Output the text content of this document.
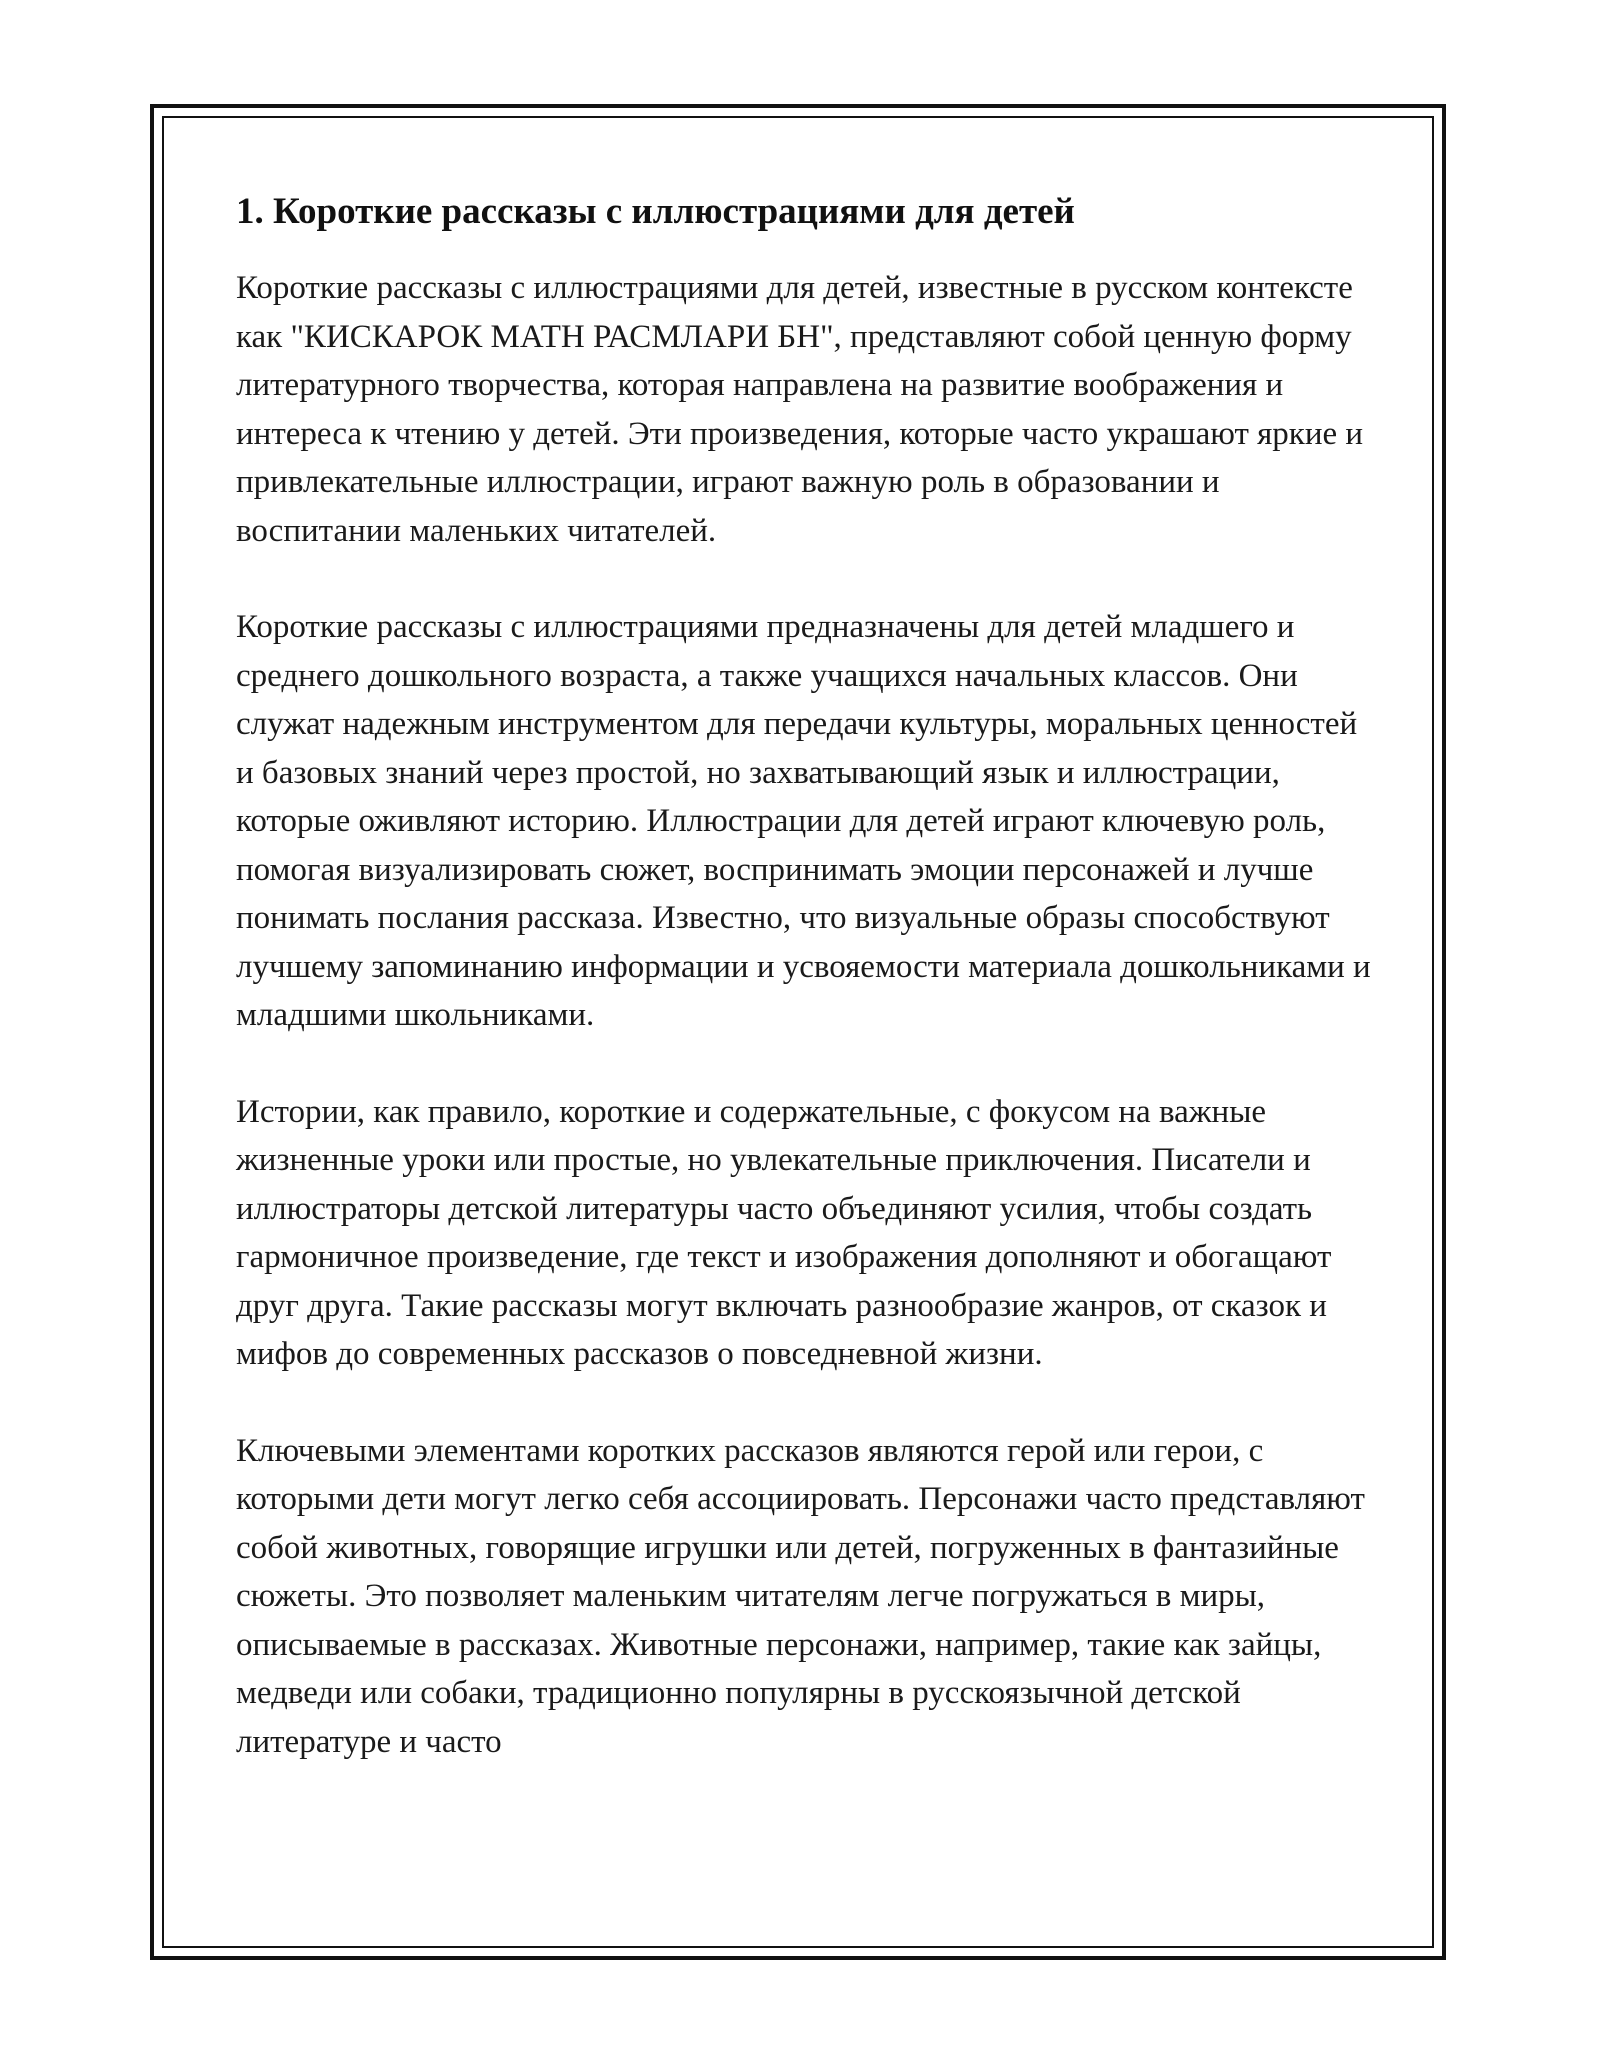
1. Короткие рассказы с иллюстрациями для детей

Короткие рассказы с иллюстрациями для детей, известные в русском контексте как "КИСКАРОК МАТН РАСМЛАРИ БН", представляют собой ценную форму литературного творчества, которая направлена на развитие воображения и интереса к чтению у детей. Эти произведения, которые часто украшают яркие и привлекательные иллюстрации, играют важную роль в образовании и воспитании маленьких читателей.

Короткие рассказы с иллюстрациями предназначены для детей младшего и среднего дошкольного возраста, а также учащихся начальных классов. Они служат надежным инструментом для передачи культуры, моральных ценностей и базовых знаний через простой, но захватывающий язык и иллюстрации, которые оживляют историю. Иллюстрации для детей играют ключевую роль, помогая визуализировать сюжет, воспринимать эмоции персонажей и лучше понимать послания рассказа. Известно, что визуальные образы способствуют лучшему запоминанию информации и усвояемости материала дошкольниками и младшими школьниками.

Истории, как правило, короткие и содержательные, с фокусом на важные жизненные уроки или простые, но увлекательные приключения. Писатели и иллюстраторы детской литературы часто объединяют усилия, чтобы создать гармоничное произведение, где текст и изображения дополняют и обогащают друг друга. Такие рассказы могут включать разнообразие жанров, от сказок и мифов до современных рассказов о повседневной жизни.

Ключевыми элементами коротких рассказов являются герой или герои, с которыми дети могут легко себя ассоциировать. Персонажи часто представляют собой животных, говорящие игрушки или детей, погруженных в фантазийные сюжеты. Это позволяет маленьким читателям легче погружаться в миры, описываемые в рассказах. Животные персонажи, например, такие как зайцы, медведи или собаки, традиционно популярны в русскоязычной детской литературе и часто
